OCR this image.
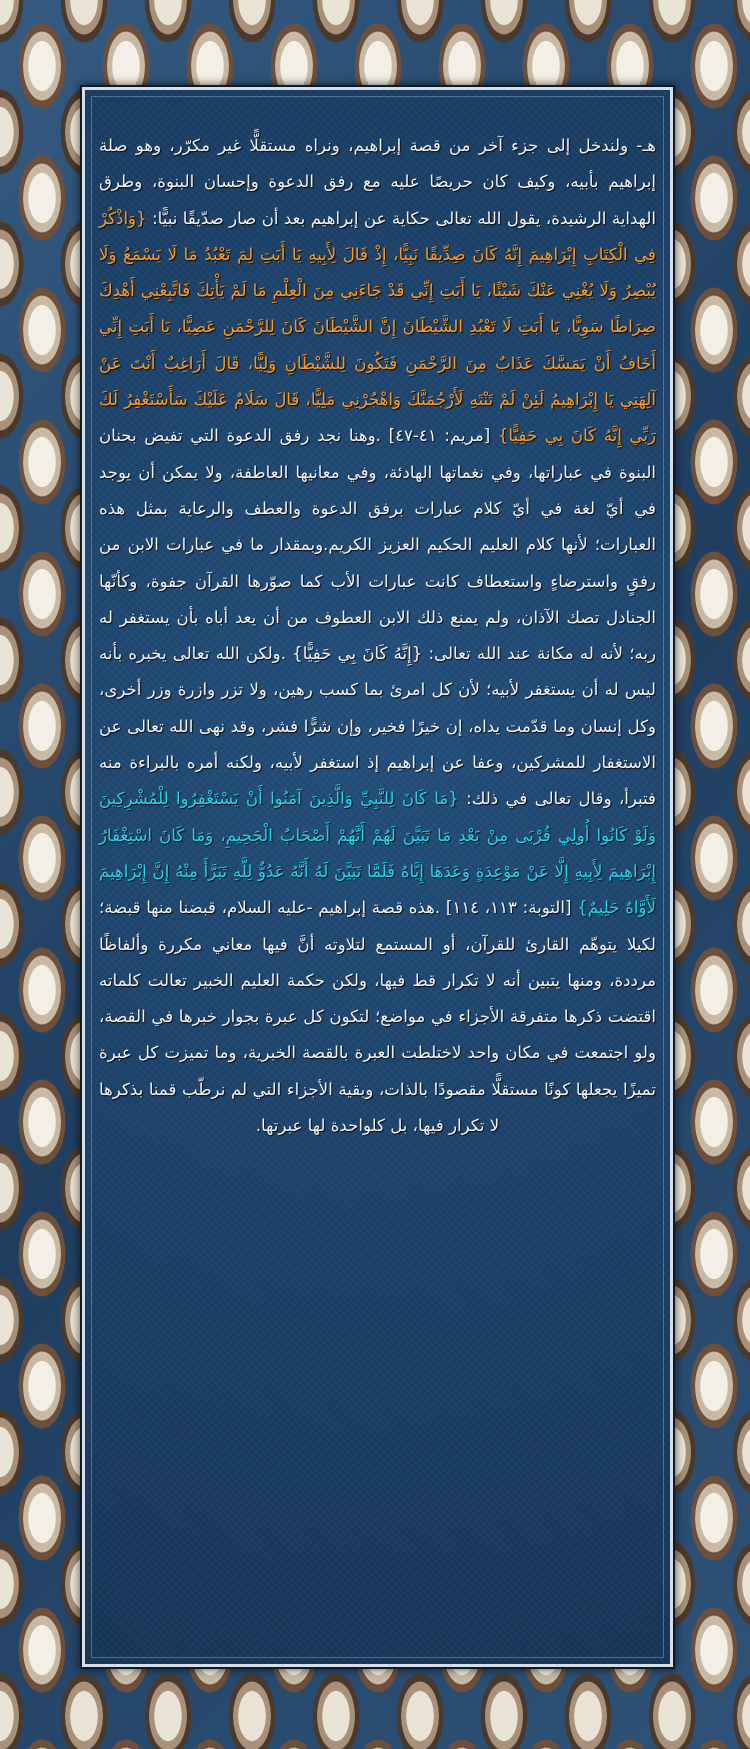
هـ- ولندخل إلى جزء آخر من قصة إبراهيم، ونراه مستقلًّا غير مكرّر، وهو صلة إبراهيم بأبيه، وكيف كان حريصًا عليه مع رفق الدعوة وإحسان البنوة، وطرق الهداية الرشيدة، يقول الله تعالى حكاية عن إبراهيم بعد أن صار صدّيقًا نبيًّا: {وَاذْكُرْ فِي الْكِتَابِ إِبْرَاهِيمَ إِنَّهُ كَانَ صِدِّيقًا نَبِيًّا، إِذْ قَالَ لِأَبِيهِ يَا أَبَتِ لِمَ تَعْبُدُ مَا لَا يَسْمَعُ وَلَا يُبْصِرُ وَلَا يُغْنِي عَنْكَ شَيْئًا، يَا أَبَتِ إِنِّي قَدْ جَاءَنِي مِنَ الْعِلْمِ مَا لَمْ يَأْتِكَ فَاتَّبِعْنِي أَهْدِكَ صِرَاطًا سَوِيًّا، يَا أَبَتِ لَا تَعْبُدِ الشَّيْطَانَ إِنَّ الشَّيْطَانَ كَانَ لِلرَّحْمَنِ عَصِيًّا، يَا أَبَتِ إِنِّي أَخَافُ أَنْ يَمَسَّكَ عَذَابٌ مِنَ الرَّحْمَنِ فَتَكُونَ لِلشَّيْطَانِ وَلِيًّا، قَالَ أَرَاغِبٌ أَنْتَ عَنْ آلِهَتِي يَا إِبْرَاهِيمُ لَئِنْ لَمْ تَنْتَهِ لَأَرْجُمَنَّكَ وَاهْجُرْنِي مَلِيًّا، قَالَ سَلَامٌ عَلَيْكَ سَأَسْتَغْفِرُ لَكَ رَبِّي إِنَّهُ كَانَ بِي حَفِيًّا} [مريم: ٤١-٤٧] .وهنا نجد رفق الدعوة التي تفيض بحنان البنوة في عباراتها، وفي نغماتها الهادئة، وفي معانيها العاطفة، ولا يمكن أن يوجد في أيّ لغة في أيّ كلام عبارات برفق الدعوة والعطف والرعاية بمثل هذه العبارات؛ لأنها كلام العليم الحكيم العزيز الكريم.وبمقدار ما في عبارات الابن من رفقٍ واسترضاءٍ واستعطاف كانت عبارات الأب كما صوّرها القرآن جفوة، وكأنّها الجنادل تصك الآذان، ولم يمنع ذلك الابن العطوف من أن يعد أباه بأن يستغفر له ربه؛ لأنه له مكانة عند الله تعالى: {إِنَّهُ كَانَ بِي حَفِيًّا} .ولكن الله تعالى يخبره بأنه ليس له أن يستغفر لأبيه؛ لأن كل امرئ بما كسب رهين، ولا تزر وازرة وزر أخرى، وكل إنسان وما قدّمت يداه، إن خيرًا فخير، وإن شرًّا فشر، وقد نهى الله تعالى عن الاستغفار للمشركين، وعفا عن إبراهيم إذ استغفر لأبيه، ولكنه أمره بالبراءة منه فتبرأ، وقال تعالى في ذلك: {مَا كَانَ لِلنَّبِيِّ وَالَّذِينَ آمَنُوا أَنْ يَسْتَغْفِرُوا لِلْمُشْرِكِينَ وَلَوْ كَانُوا أُولِي قُرْبَى مِنْ بَعْدِ مَا تَبَيَّنَ لَهُمْ أَنَّهُمْ أَصْحَابُ الْجَحِيمِ، وَمَا كَانَ اسْتِغْفَارُ إِبْرَاهِيمَ لِأَبِيهِ إِلَّا عَنْ مَوْعِدَةٍ وَعَدَهَا إِيَّاهُ فَلَمَّا تَبَيَّنَ لَهُ أَنَّهُ عَدُوٌّ لِلَّهِ تَبَرَّأَ مِنْهُ إِنَّ إِبْرَاهِيمَ لَأَوَّاهٌ حَلِيمٌ} [التوبة: ١١٣، ١١٤] .هذه قصة إبراهيم -عليه السلام، قبضنا منها قبضة؛ لكيلا يتوهّم القارئ للقرآن، أو المستمع لتلاوته أنَّ فيها معاني مكررة وألفاظًا مرددة، ومنها يتبين أنه لا تكرار قط فيها، ولكن حكمة العليم الخبير تعالت كلماته اقتضت ذكرها متفرقة الأجزاء في مواضع؛ لتكون كل عبرة بجوار خبرها في القصة، ولو اجتمعت في مكان واحد لاختلطت العبرة بالقصة الخبرية، وما تميزت كل عبرة تميزًا يجعلها كونًا مستقلًّا مقصودًا بالذات، وبقية الأجزاء التي لم نرطّب قمنا بذكرها لا تكرار فيها، بل كلواحدة لها عبرتها.
